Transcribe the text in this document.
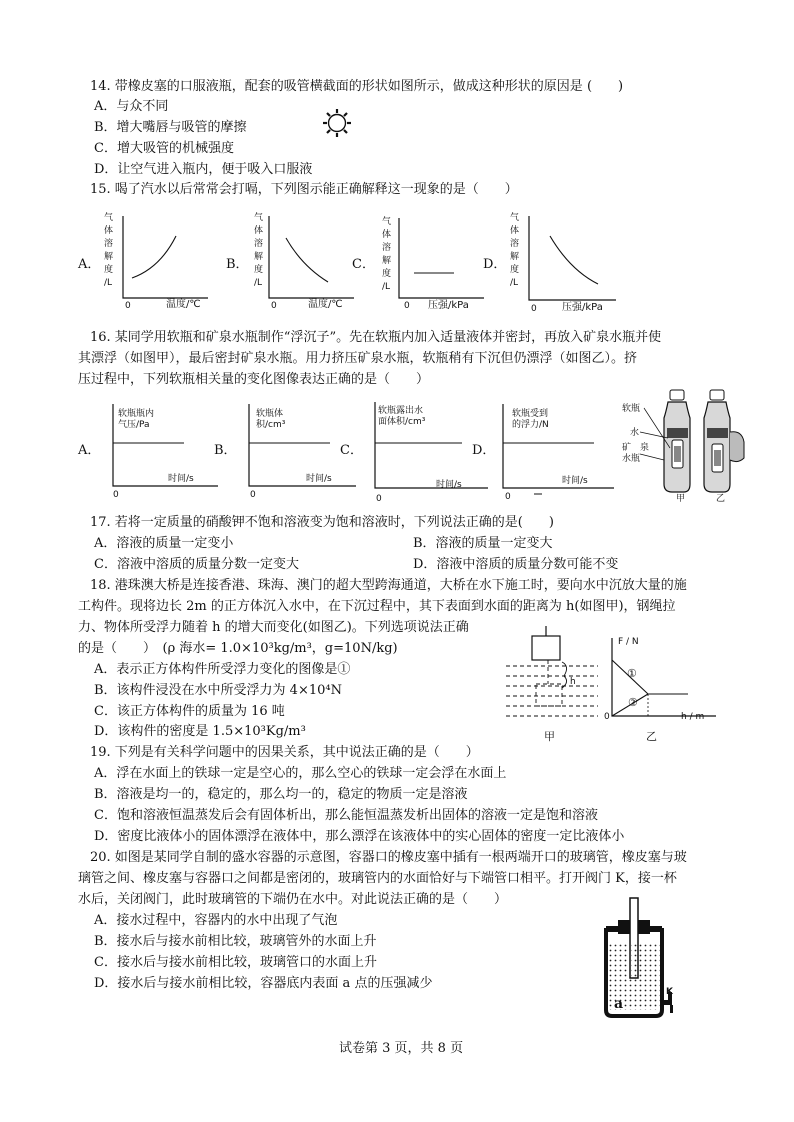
14. 带橡皮塞的口服液瓶，配套的吸管横截面的形状如图所示，做成这种形状的原因是 (　　)
A．与众不同
B．增大嘴唇与吸管的摩擦
C．增大吸管的机械强度
D．让空气进入瓶内，便于吸入口服液
15. 喝了汽水以后常常会打嗝，下列图示能正确解释这一现象的是（　　）
A．
气
体
溶
解
度
/L
0	温度/℃
B．
气
体
溶
解
度
/L
0	温度/℃
C．
气
体
溶
解
度
/L
0 压强/kPa
D．
气
体
溶
解
度
/L
0	压强/kPa
16. 某同学用软瓶和矿泉水瓶制作“浮沉子”。先在软瓶内加入适量液体并密封，再放入矿泉水瓶并使
其漂浮（如图甲），最后密封矿泉水瓶。用力挤压矿泉水瓶，软瓶稍有下沉但仍漂浮（如图乙）。挤
压过程中，下列软瓶相关量的变化图像表达正确的是（　　）
A．
软瓶瓶内
气压/Pa
时间/s
0
B．
软瓶体
积/cm³
时间/s
0
C．
软瓶露出水
面体积/cm³
时间/s
0
D．
软瓶受到
的浮力/N
时间/s
0
软瓶
水
矿　 泉
水瓶
甲	乙
17. 若将一定质量的硝酸钾不饱和溶液变为饱和溶液时，下列说法正确的是(　　)
A．溶液的质量一定变小	B．溶液的质量一定变大
C．溶液中溶质的质量分数一定变大	D．溶液中溶质的质量分数可能不变
18. 港珠澳大桥是连接香港、珠海、澳门的超大型跨海通道，大桥在水下施工时，要向水中沉放大量的施
工构件。现将边长 2m 的正方体沉入水中，在下沉过程中，其下表面到水面的距离为 h(如图甲)，钢绳拉
力、物体所受浮力随着 h 的增大而变化(如图乙)。下列选项说法正确
的是（　　）　(ρ 海水= 1.0×10³kg/m³，g=10N/kg)
A．表示正方体构件所受浮力变化的图像是①
B．该构件浸没在水中所受浮力为 4×10⁴N
C．该正方体构件的质量为 16 吨
D．该构件的密度是 1.5×10³Kg/m³
h
甲
F / N
h / m
0
①
②
乙
19. 下列是有关科学问题中的因果关系，其中说法正确的是（　　）
A．浮在水面上的铁球一定是空心的，那么空心的铁球一定会浮在水面上
B．溶液是均一的，稳定的，那么均一的，稳定的物质一定是溶液
C．饱和溶液恒温蒸发后会有固体析出，那么能恒温蒸发析出固体的溶液一定是饱和溶液
D．密度比液体小的固体漂浮在液体中，那么漂浮在该液体中的实心固体的密度一定比液体小
20. 如图是某同学自制的盛水容器的示意图，容器口的橡皮塞中插有一根两端开口的玻璃管，橡皮塞与玻
璃管之间、橡皮塞与容器口之间都是密闭的，玻璃管内的水面恰好与下端管口相平。打开阀门 K，接一杯
水后，关闭阀门，此时玻璃管的下端仍在水中。对此说法正确的是（　　）
A．接水过程中，容器内的水中出现了气泡
B．接水后与接水前相比较，玻璃管外的水面上升
C．接水后与接水前相比较，玻璃管口的水面上升
D．接水后与接水前相比较，容器底内表面 a 点的压强减少
a
K
试卷第 3 页，共 8 页
